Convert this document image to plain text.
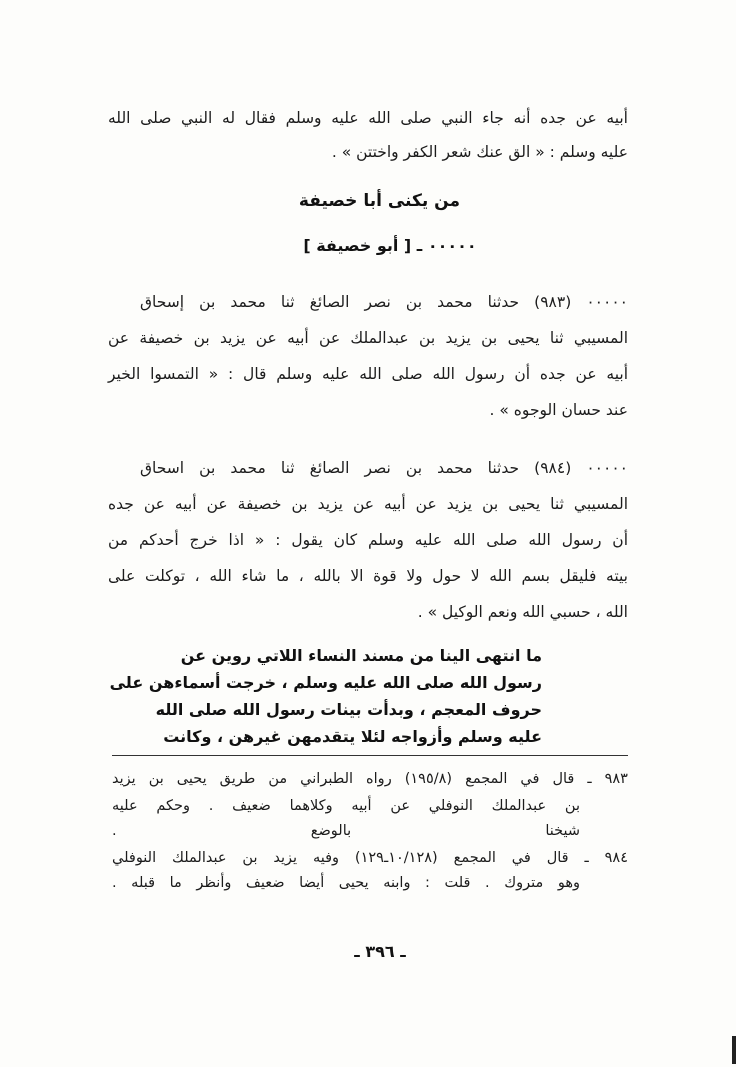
أبيه عن جده أنه جاء النبي صلى الله عليه وسلم فقال له النبي صلى الله
عليه وسلم : « الق عنك شعر الكفر واختتن » .
من يكنى أبا خصيفة
٠٠٠٠٠ ـ [ أبو خصيفة ]
٠٠٠٠٠ (٩٨٣) حدثنا محمد بن نصر الصائغ ثنا محمد بن إسحاق
المسيبي ثنا يحيى بن يزيد بن عبدالملك عن أبيه عن يزيد بن خصيفة عن
أبيه عن جده أن رسول الله صلى الله عليه وسلم قال : « التمسوا الخير
عند حسان الوجوه » .
٠٠٠٠٠ (٩٨٤) حدثنا محمد بن نصر الصائغ ثنا محمد بن اسحاق
المسيبي ثنا يحيى بن يزيد عن أبيه عن يزيد بن خصيفة عن أبيه عن جده
أن رسول الله صلى الله عليه وسلم كان يقول : « اذا خرج أحدكم من
بيته فليقل بسم الله لا حول ولا قوة الا بالله ، ما شاء الله ، توكلت على
الله ، حسبي الله ونعم الوكيل » .
ما انتهى الينا من مسند النساء اللاتي روين عن
رسول الله صلى الله عليه وسلم ، خرجت أسماءهن على
حروف المعجم ، وبدأت بينات رسول الله صلى الله
عليه وسلم وأزواجه لئلا يتقدمهن غيرهن ، وكانت
٩٨٣ ـ قال في المجمع (١٩٥/٨) رواه الطبراني من طريق يحيى بن يزيد
بن عبدالملك النوفلي عن أبيه وكلاهما ضعيف . وحكم عليه
شيخنا بالوضع .
٩٨٤ ـ قال في المجمع (١٠/١٢٨ـ١٢٩) وفيه يزيد بن عبدالملك النوفلي
وهو متروك . قلت : وابنه يحيى أيضا ضعيف وأنظر ما قبله .
ـ ٣٩٦ ـ
